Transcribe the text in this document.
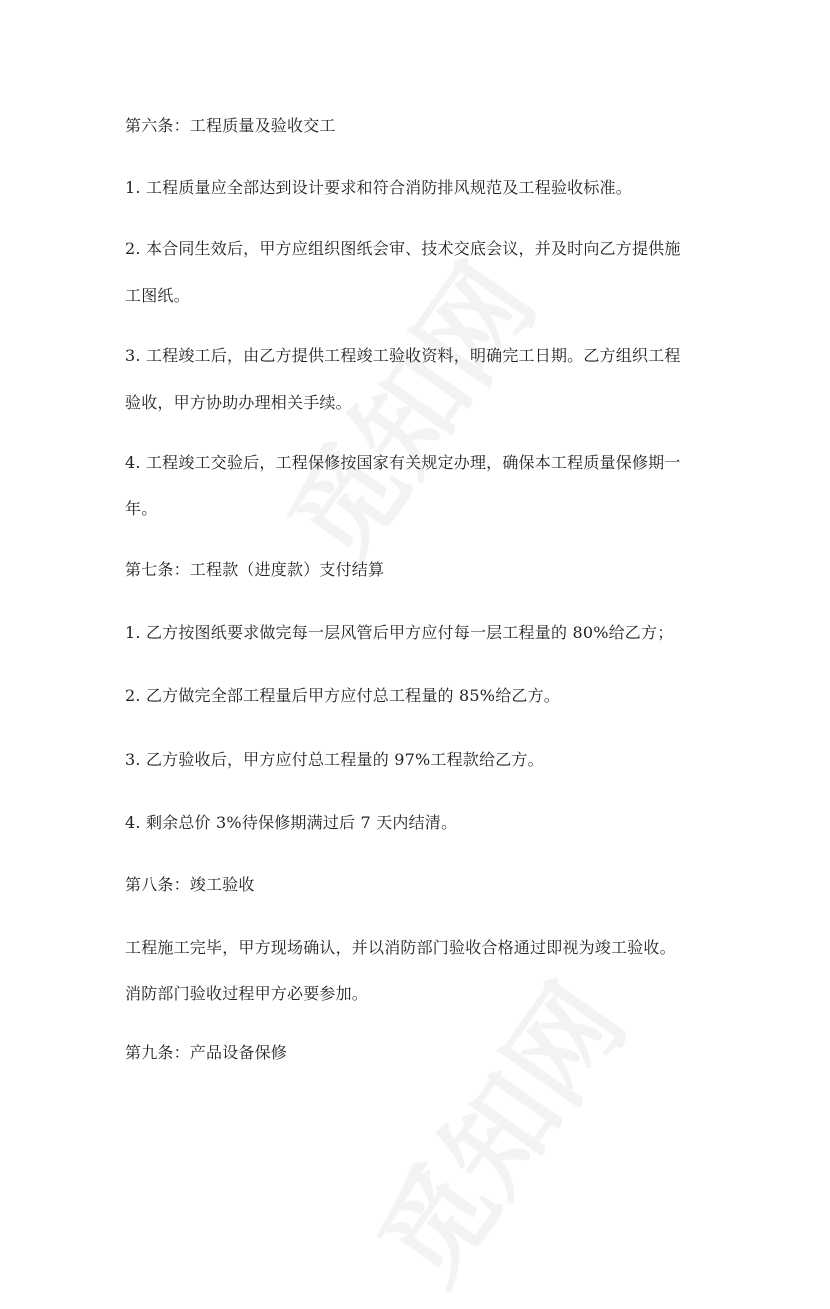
第六条：工程质量及验收交工
1. 工程质量应全部达到设计要求和符合消防排风规范及工程验收标准。
2. 本合同生效后，甲方应组织图纸会审、技术交底会议，并及时向乙方提供施
工图纸。
3. 工程竣工后，由乙方提供工程竣工验收资料，明确完工日期。乙方组织工程
验收，甲方协助办理相关手续。
4. 工程竣工交验后，工程保修按国家有关规定办理，确保本工程质量保修期一
年。
第七条：工程款（进度款）支付结算
1. 乙方按图纸要求做完每一层风管后甲方应付每一层工程量的 80%给乙方；
2. 乙方做完全部工程量后甲方应付总工程量的 85%给乙方。
3. 乙方验收后，甲方应付总工程量的 97%工程款给乙方。
4. 剩余总价 3%待保修期满过后 7 天内结清。
第八条：竣工验收
工程施工完毕，甲方现场确认，并以消防部门验收合格通过即视为竣工验收。
消防部门验收过程甲方必要参加。
第九条：产品设备保修
